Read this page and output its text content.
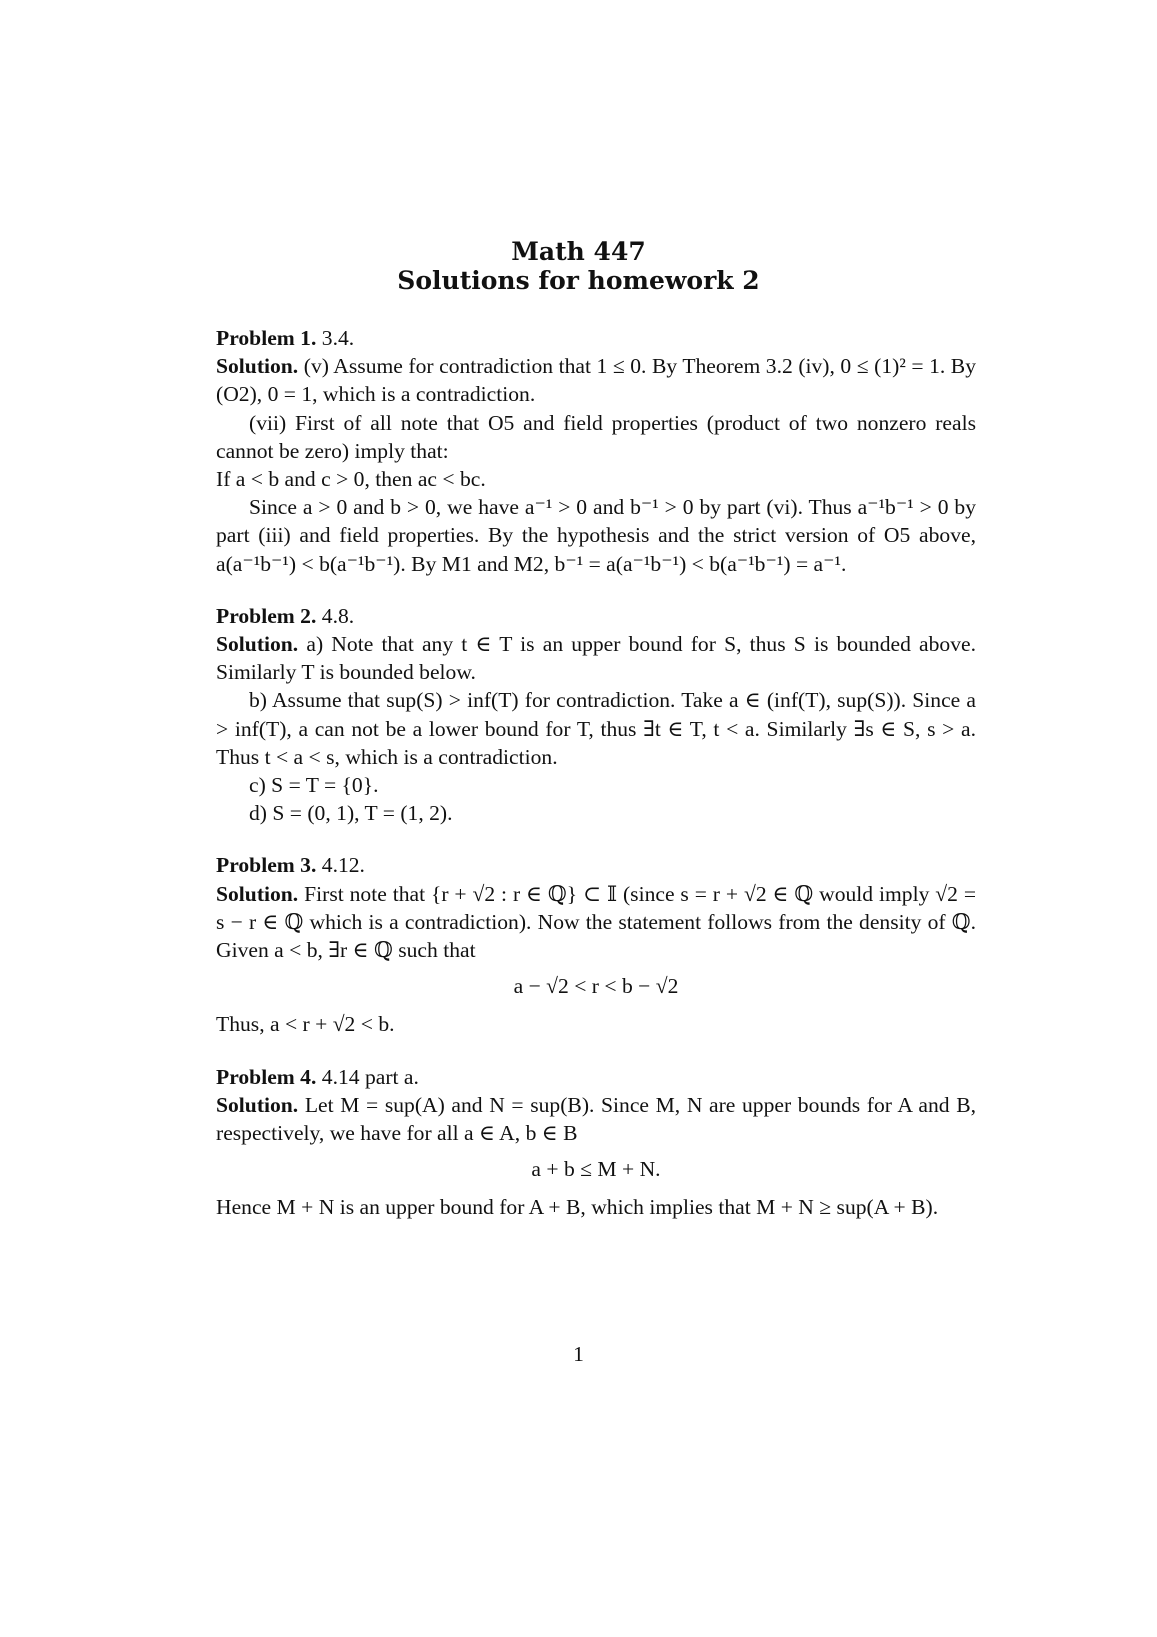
Math 447
Solutions for homework 2

Problem 1. 3.4.

Solution. (v) Assume for contradiction that 1 ≤ 0. By Theorem 3.2 (iv), 0 ≤ (1)² = 1. By (O2), 0 = 1, which is a contradiction.

(vii) First of all note that O5 and field properties (product of two nonzero reals cannot be zero) imply that:

If a < b and c > 0, then ac < bc.

Since a > 0 and b > 0, we have a⁻¹ > 0 and b⁻¹ > 0 by part (vi). Thus a⁻¹b⁻¹ > 0 by part (iii) and field properties. By the hypothesis and the strict version of O5 above, a(a⁻¹b⁻¹) < b(a⁻¹b⁻¹). By M1 and M2, b⁻¹ = a(a⁻¹b⁻¹) < b(a⁻¹b⁻¹) = a⁻¹.

Problem 2. 4.8.

Solution. a) Note that any t ∈ T is an upper bound for S, thus S is bounded above. Similarly T is bounded below.

b) Assume that sup(S) > inf(T) for contradiction. Take a ∈ (inf(T), sup(S)). Since a > inf(T), a can not be a lower bound for T, thus ∃t ∈ T, t < a. Similarly ∃s ∈ S, s > a. Thus t < a < s, which is a contradiction.

c) S = T = {0}.

d) S = (0, 1), T = (1, 2).

Problem 3. 4.12.

Solution. First note that {r + √2 : r ∈ ℚ} ⊂ 𝕀 (since s = r + √2 ∈ ℚ would imply √2 = s − r ∈ ℚ which is a contradiction). Now the statement follows from the density of ℚ. Given a < b, ∃r ∈ ℚ such that

a − √2 < r < b − √2

Thus, a < r + √2 < b.

Problem 4. 4.14 part a.

Solution. Let M = sup(A) and N = sup(B). Since M, N are upper bounds for A and B, respectively, we have for all a ∈ A, b ∈ B

a + b ≤ M + N.

Hence M + N is an upper bound for A + B, which implies that M + N ≥ sup(A + B).

1
